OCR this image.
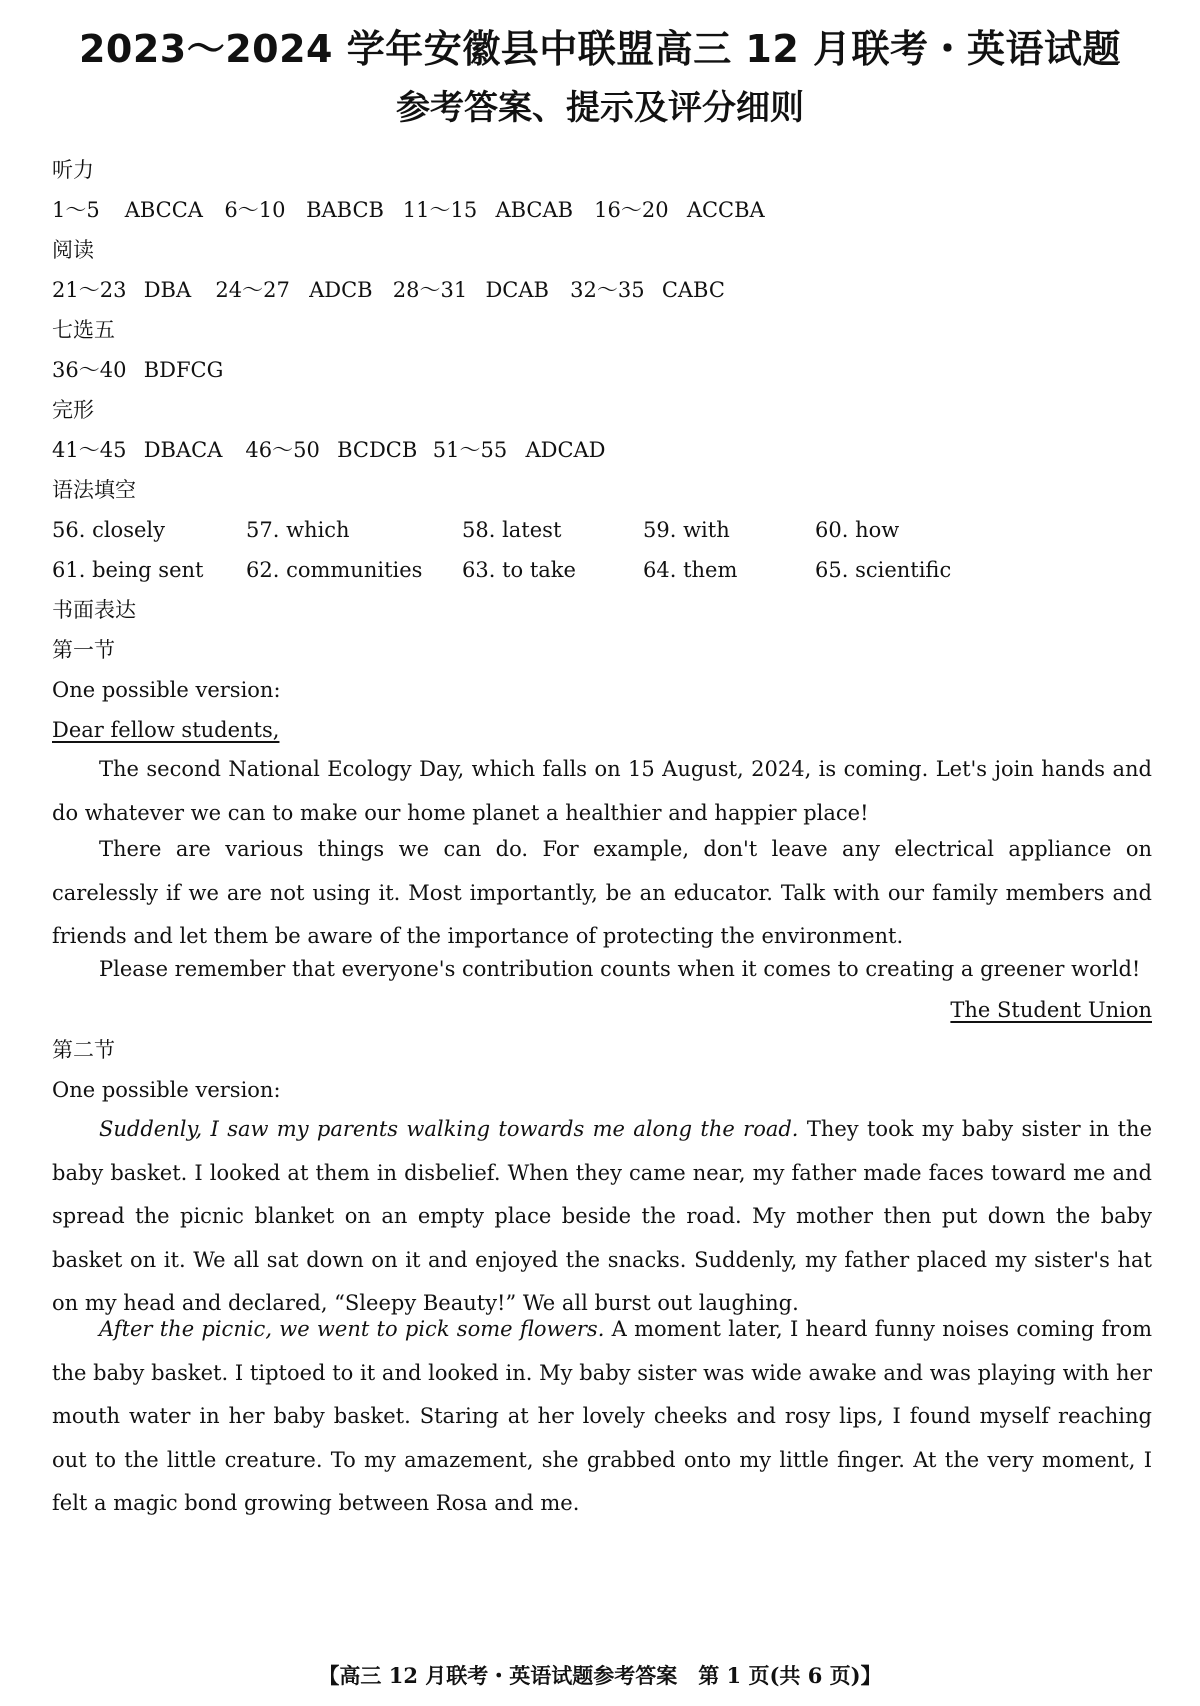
2023～2024 学年安徽县中联盟高三 12 月联考・英语试题
参考答案、提示及评分细则
听力
1～5 ABCCA 6～10 BABCB 11～15 ABCAB 16～20 ACCBA
阅读
21～23 DBA 24～27 ADCB 28～31 DCAB 32～35 CABC
七选五
36～40 BDFCG
完形
41～45 DBACA 46～50 BCDCB 51～55 ADCAD
语法填空
56. closely	57. which	58. latest	59. with	60. how
61. being sent 62. communities 63. to take	64. them	65. scientific
书面表达
第一节
One possible version:
Dear fellow students,
The second National Ecology Day, which falls on 15 August, 2024, is coming. Let's join hands and do whatever we can to make our home planet a healthier and happier place!
There are various things we can do. For example, don't leave any electrical appliance on carelessly if we are not using it. Most importantly, be an educator. Talk with our family members and friends and let them be aware of the importance of protecting the environment.
Please remember that everyone's contribution counts when it comes to creating a greener world!
The Student Union
第二节
One possible version:
Suddenly, I saw my parents walking towards me along the road. They took my baby sister in the baby basket. I looked at them in disbelief. When they came near, my father made faces toward me and spread the picnic blanket on an empty place beside the road. My mother then put down the baby basket on it. We all sat down on it and enjoyed the snacks. Suddenly, my father placed my sister's hat on my head and declared, “Sleepy Beauty!” We all burst out laughing.
After the picnic, we went to pick some flowers. A moment later, I heard funny noises coming from the baby basket. I tiptoed to it and looked in. My baby sister was wide awake and was playing with her mouth water in her baby basket. Staring at her lovely cheeks and rosy lips, I found myself reaching out to the little creature. To my amazement, she grabbed onto my little finger. At the very moment, I felt a magic bond growing between Rosa and me.
【高三 12 月联考・英语试题参考答案　第 1 页(共 6 页)】
